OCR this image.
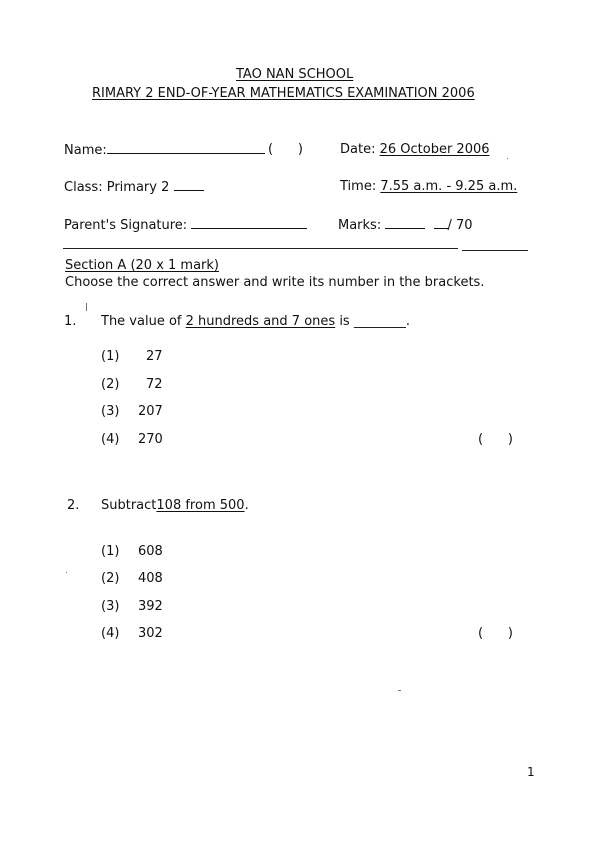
TAO NAN SCHOOL
RIMARY 2 END-OF-YEAR MATHEMATICS EXAMINATION 2006
Name:	(      )	Date: 26 October 2006
Class: Primary 2	Time: 7.55 a.m. - 9.25 a.m.
Parent's Signature:	Marks:	/ 70
Section A (20 x 1 mark)
Choose the correct answer and write its number in the brackets.
1. The value of 2 hundreds and 7 ones is ________.
(1) 27
(2) 72
(3) 207
(4) 270	(      )
2. Subtract108 from 500.
(1) 608
(2) 408
(3) 392
(4) 302	(      )
1
